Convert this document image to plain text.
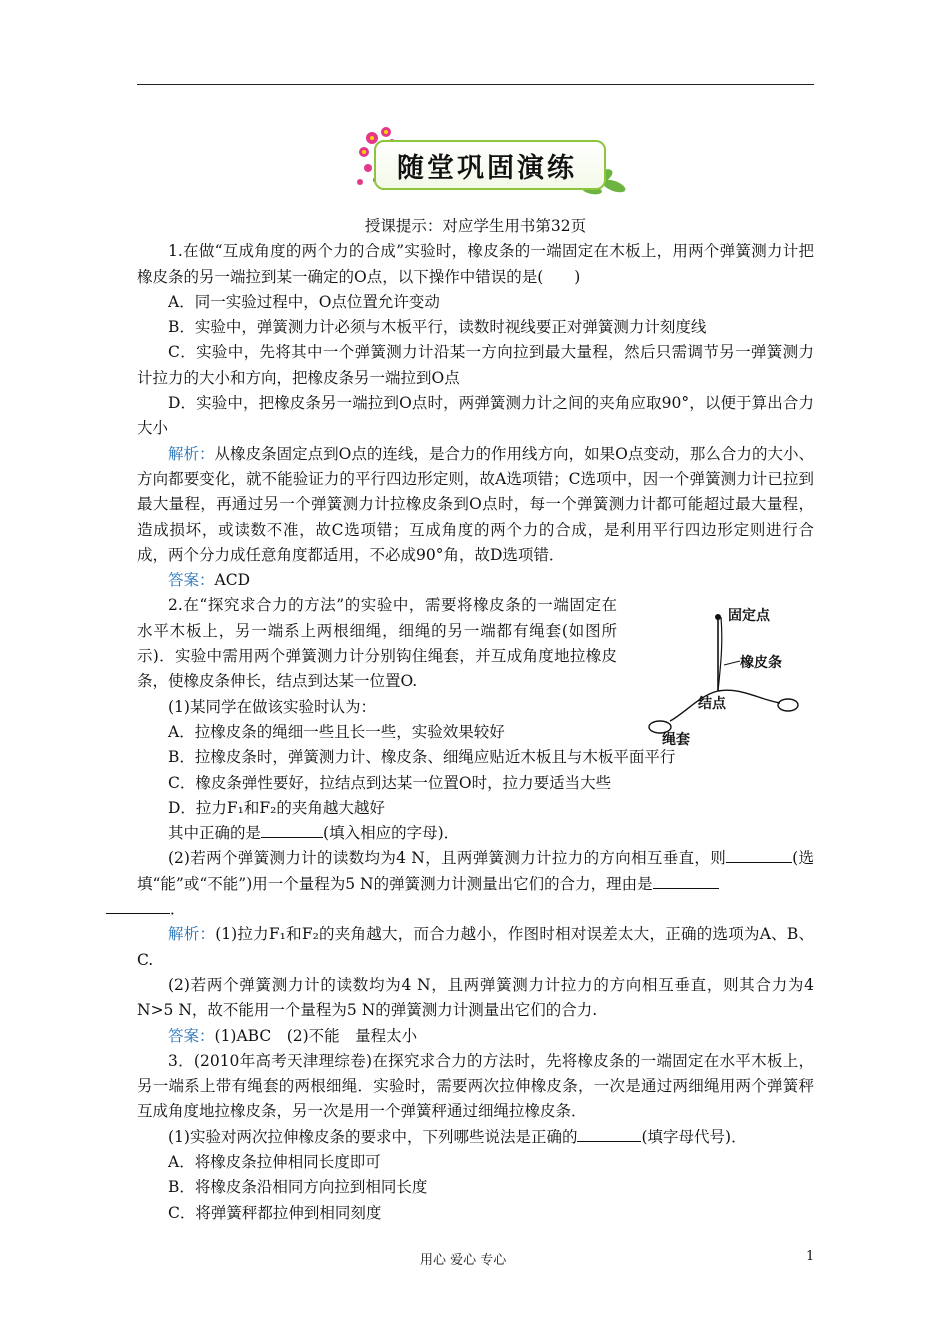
随堂巩固演练

授课提示：对应学生用书第32页

1.在做“互成角度的两个力的合成”实验时，橡皮条的一端固定在木板上，用两个弹簧测力计把橡皮条的另一端拉到某一确定的O点，以下操作中错误的是(　　)

A．同一实验过程中，O点位置允许变动

B．实验中，弹簧测力计必须与木板平行，读数时视线要正对弹簧测力计刻度线

C．实验中，先将其中一个弹簧测力计沿某一方向拉到最大量程，然后只需调节另一弹簧测力计拉力的大小和方向，把橡皮条另一端拉到O点

D．实验中，把橡皮条另一端拉到O点时，两弹簧测力计之间的夹角应取90°，以便于算出合力大小

解析：从橡皮条固定点到O点的连线，是合力的作用线方向，如果O点变动，那么合力的大小、方向都要变化，就不能验证力的平行四边形定则，故A选项错；C选项中，因一个弹簧测力计已拉到最大量程，再通过另一个弹簧测力计拉橡皮条到O点时，每一个弹簧测力计都可能超过最大量程，造成损坏，或读数不准，故C选项错；互成角度的两个力的合成，是利用平行四边形定则进行合成，两个分力成任意角度都适用，不必成90°角，故D选项错．

答案：ACD

2.在“探究求合力的方法”的实验中，需要将橡皮条的一端固定在水平木板上，另一端系上两根细绳，细绳的另一端都有绳套(如图所示)．实验中需用两个弹簧测力计分别钩住绳套，并互成角度地拉橡皮条，使橡皮条伸长，结点到达某一位置O.

(1)某同学在做该实验时认为：

A．拉橡皮条的绳细一些且长一些，实验效果较好

B．拉橡皮条时，弹簧测力计、橡皮条、细绳应贴近木板且与木板平面平行

C．橡皮条弹性要好，拉结点到达某一位置O时，拉力要适当大些

D．拉力F₁和F₂的夹角越大越好

其中正确的是	(填入相应的字母)．

(2)若两个弹簧测力计的读数均为4 N，且两弹簧测力计拉力的方向相互垂直，则	(选填“能”或“不能”)用一个量程为5 N的弹簧测力计测量出它们的合力，理由是
．

解析：(1)拉力F₁和F₂的夹角越大，而合力越小，作图时相对误差太大，正确的选项为A、B、C.

(2)若两个弹簧测力计的读数均为4 N，且两弹簧测力计拉力的方向相互垂直，则其合力为4 N>5 N，故不能用一个量程为5 N的弹簧测力计测量出它们的合力.

答案：(1)ABC　(2)不能　量程太小

3．(2010年高考天津理综卷)在探究求合力的方法时，先将橡皮条的一端固定在水平木板上，另一端系上带有绳套的两根细绳．实验时，需要两次拉伸橡皮条，一次是通过两细绳用两个弹簧秤互成角度地拉橡皮条，另一次是用一个弹簧秤通过细绳拉橡皮条．

(1)实验对两次拉伸橡皮条的要求中，下列哪些说法是正确的	(填字母代号)．

A．将橡皮条拉伸相同长度即可

B．将橡皮条沿相同方向拉到相同长度

C．将弹簧秤都拉伸到相同刻度

固定点
橡皮条
结点
绳套
用心 爱心 专心	1
